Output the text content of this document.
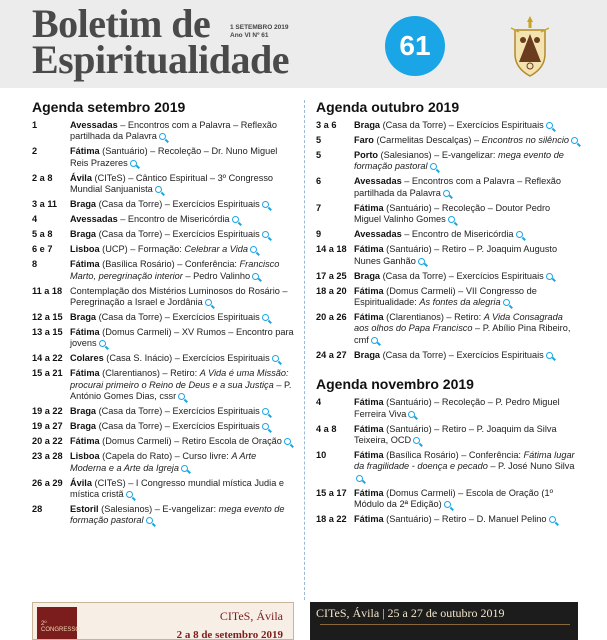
Boletim de
Espiritualidade
1 SETEMBRO 2019
Ano VI Nº 61	61
Agenda setembro 2019
1	Avessadas – Encontros com a Palavra – Reflexão partilhada da Palavra
2	Fátima (Santuário) – Recoleção – Dr. Nuno Miguel Reis Prazeres
2 a 8	Ávila (CITeS) – Cântico Espiritual – 3º Congresso Mundial Sanjuanista
3 a 11	Braga (Casa da Torre) – Exercícios Espirituais
4	Avessadas – Encontro de Misericórdia
5 a 8	Braga (Casa da Torre) – Exercícios Espirituais
6 e 7	Lisboa (UCP) – Formação: Celebrar a Vida
8	Fátima (Basílica Rosário) – Conferência: Francisco Marto, peregrinação interior – Pedro Valinho
11 a 18 Contemplação dos Mistérios Luminosos do Rosário – Peregrinação a Israel e Jordânia
12 a 15 Braga (Casa da Torre) – Exercícios Espirituais
13 a 15 Fátima (Domus Carmeli) – XV Rumos – Encontro para jovens
14 a 22 Colares (Casa S. Inácio) – Exercícios Espirituais
15 a 21 Fátima (Clarentianos) – Retiro: A Vida é uma Missão: procurai primeiro o Reino de Deus e a sua Justiça – P. António Gomes Dias, cssr
19 a 22 Braga (Casa da Torre) – Exercícios Espirituais
19 a 27 Braga (Casa da Torre) – Exercícios Espirituais
20 a 22 Fátima (Domus Carmeli) – Retiro Escola de Oração
23 a 28 Lisboa (Capela do Rato) – Curso livre: A Arte Moderna e a Arte da Igreja
26 a 29 Ávila (CITeS) – I Congresso mundial mística Judia e mística cristã
28	Estoril (Salesianos) – E-vangelizar: mega evento de formação pastoral
Agenda outubro 2019
3 a 6	Braga (Casa da Torre) – Exercícios Espirituais
5	Faro (Carmelitas Descalças) – Encontros no silêncio
5	Porto (Salesianos) – E-vangelizar: mega evento de formação pastoral
6	Avessadas – Encontros com a Palavra – Reflexão partilhada da Palavra
7	Fátima (Santuário) – Recoleção – Doutor Pedro Miguel Valinho Gomes
9	Avessadas – Encontro de Misericórdia
14 a 18 Fátima (Santuário) – Retiro – P. Joaquim Augusto Nunes Ganhão
17 a 25 Braga (Casa da Torre) – Exercícios Espirituais
18 a 20 Fátima (Domus Carmeli) – VII Congresso de Espiritualidade: As fontes da alegria
20 a 26 Fátima (Clarentianos) – Retiro: A Vida Consagrada aos olhos do Papa Francisco – P. Abílio Pina Ribeiro, cmf
24 a 27 Braga (Casa da Torre) – Exercícios Espirituais
Agenda novembro 2019
4	Fátima (Santuário) – Recoleção – P. Pedro Miguel Ferreira Viva
4 a 8	Fátima (Santuário) – Retiro – P. Joaquim da Silva Teixeira, OCD
10	Fátima (Basílica Rosário) – Conferência: Fátima lugar da fragilidade - doença e pecado – P. José Nuno Silva
15 a 17 Fátima (Domus Carmeli) – Escola de Oração (1º Módulo da 2ª Edição)
18 a 22 Fátima (Santuário) – Retiro – D. Manuel Pelino
2º CONGRESSO
CITeS, Ávila
2 a 8 de setembro 2019
CITeS, Ávila | 25 a 27 de outubro 2019
